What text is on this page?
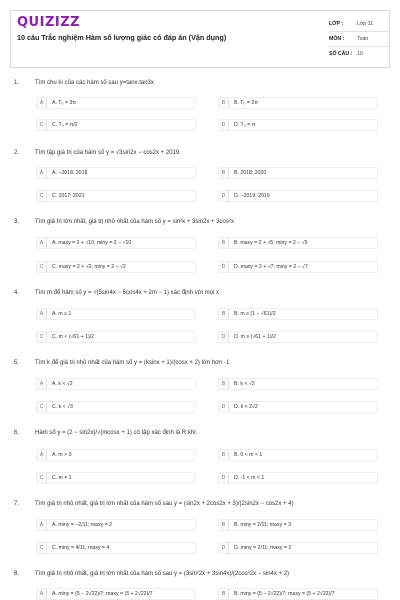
QUIZIZZ
10 câu Trắc nghiệm Hàm số lượng giác có đáp án (Vận dụng)
LỚP :	Lớp 11
MÔN : Toán
SỐ CÂU : 10
1.	Tìm chu kì của các hàm số sau y=tanx.tan3x
A	A. T₀ = 3π	B	B. T₀ = 2π
C	C. T₀ = π/2	D	D. T₀ = π
2.	Tìm tập giá trị của hàm số y = √3sin2x − cos2x + 2019.
A	A. −2018; 2018	B	B. 2018; 2020
C	C. 2017; 2021	D	D. −2019; 2019
3.	Tìm giá trị lớn nhất, giá trị nhỏ nhất của hàm số y = sin²x + 3sin2x + 3cos²x
A	A. maxy = 2 + √10; miny = 2 − √10	B	B. maxy = 2 + √5; miny = 2 − √5
C	C. maxy = 2 + √2; miny = 2 − √2	D	D. maxy = 2 + √7; miny = 2 − √7
4.	Tìm m để hàm số y = √(5sin4x − 6cos4x + 2m − 1) xác định với mọi x
A	A. m ≥ 1	B	B. m ≥ (1 − √61)/2
C	C. m < (√61 + 1)/2	D	D. m ≥ (√61 + 1)/2
5.	Tìm k để giá trị nhỏ nhất của hàm số y = (ksinx + 1)/(cosx + 2) lớn hơn -1
A	A. k < √2	B	B. k < √2
C	C. k < √3	D	D. k < 2√2
6.	Hàm số y = (2 − sin2x)/√(mcosx + 1) có tập xác định là R khi:
A	A. m > 0	B	B. 0 < m < 1
C	C. m ≠ 1	D	D. -1 < m < 1
7.	Tìm giá trị nhỏ nhất, giá trị lớn nhất của hàm số sau y = (sin2x + 2cos2x + 3)/(2sin2x − cos2x + 4)
A	A. miny = −2/11; maxy = 2	B	B. miny = 2/11; maxy = 3
C	C. miny = 4/11; maxy = 4	D	D. miny = 2/11; maxy = 2
8.	Tìm giá trị nhỏ nhất, giá trị lớn nhất của hàm số sau y = (3sin²2x + 3sin4x)/(2cos²2x − sin4x + 2)
A	A. miny = (5 − 2√22)/7; maxy = (5 + 2√22)/7	B	B. miny = (5 − 2√22)/7; maxy = (5 + 2√22)/7
